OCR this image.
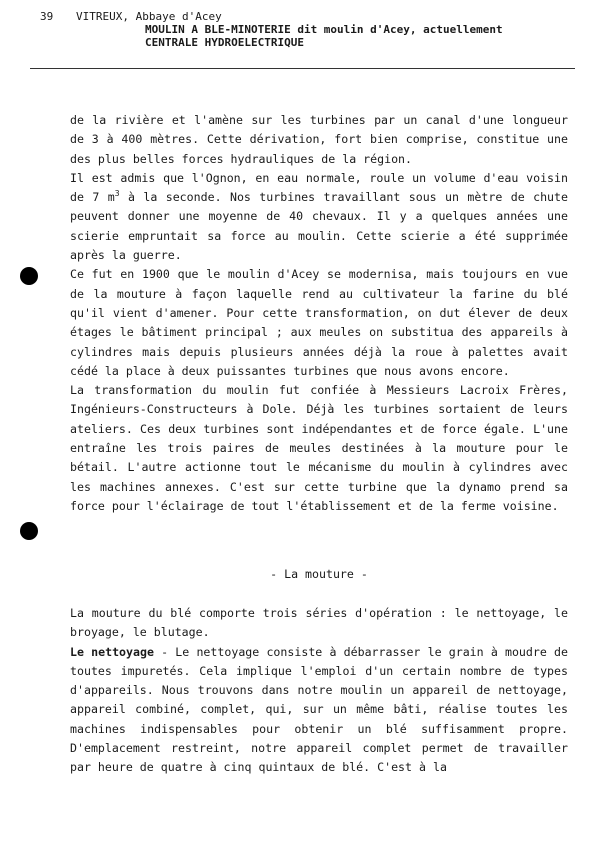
39

VITREUX, Abbaye d'Acey

MOULIN A BLE-MINOTERIE dit moulin d'Acey, actuellement

CENTRALE HYDROELECTRIQUE

de la rivière et l'amène sur les turbines par un canal d'une longueur de 3 à 400 mètres. Cette dérivation, fort bien comprise, constitue une des plus belles forces hydrauliques de la région.

Il est admis que l'Ognon, en eau normale, roule un volume d'eau voisin de 7 $m^3$ à la seconde. Nos turbines travaillant sous un mètre de chute peuvent donner une moyenne de 40 chevaux. Il y a quelques années une scierie empruntait sa force au moulin. Cette scierie a été supprimée après la guerre.

Ce fut en 1900 que le moulin d'Acey se modernisa, mais toujours en vue de la mouture à façon laquelle rend au cultivateur la farine du blé qu'il vient d'amener. Pour cette transformation, on dut élever de deux étages le bâtiment principal ; aux meules on substitua des appareils à cylindres mais depuis plusieurs années déjà la roue à palettes avait cédé la place à deux puissantes turbines que nous avons encore.

La transformation du moulin fut confiée à Messieurs Lacroix Frères, Ingénieurs-Constructeurs à Dole. Déjà les turbines sortaient de leurs ateliers. Ces deux turbines sont indépendantes et de force égale. L'une entraîne les trois paires de meules destinées à la mouture pour le bétail. L'autre actionne tout le mécanisme du moulin à cylindres avec les machines annexes. C'est sur cette turbine que la dynamo prend sa force pour l'éclairage de tout l'établissement et de la ferme voisine.

- La mouture -

La mouture du blé comporte trois séries d'opération : le nettoyage, le broyage, le blutage.

Le nettoyage - Le nettoyage consiste à débarrasser le grain à moudre de toutes impuretés. Cela implique l'emploi d'un certain nombre de types d'appareils. Nous trouvons dans notre moulin un appareil de nettoyage, appareil combiné, complet, qui, sur un même bâti, réalise toutes les machines indispensables pour obtenir un blé suffisamment propre. D'emplacement restreint, notre appareil complet permet de travailler par heure de quatre à cinq quintaux de blé. C'est à la
